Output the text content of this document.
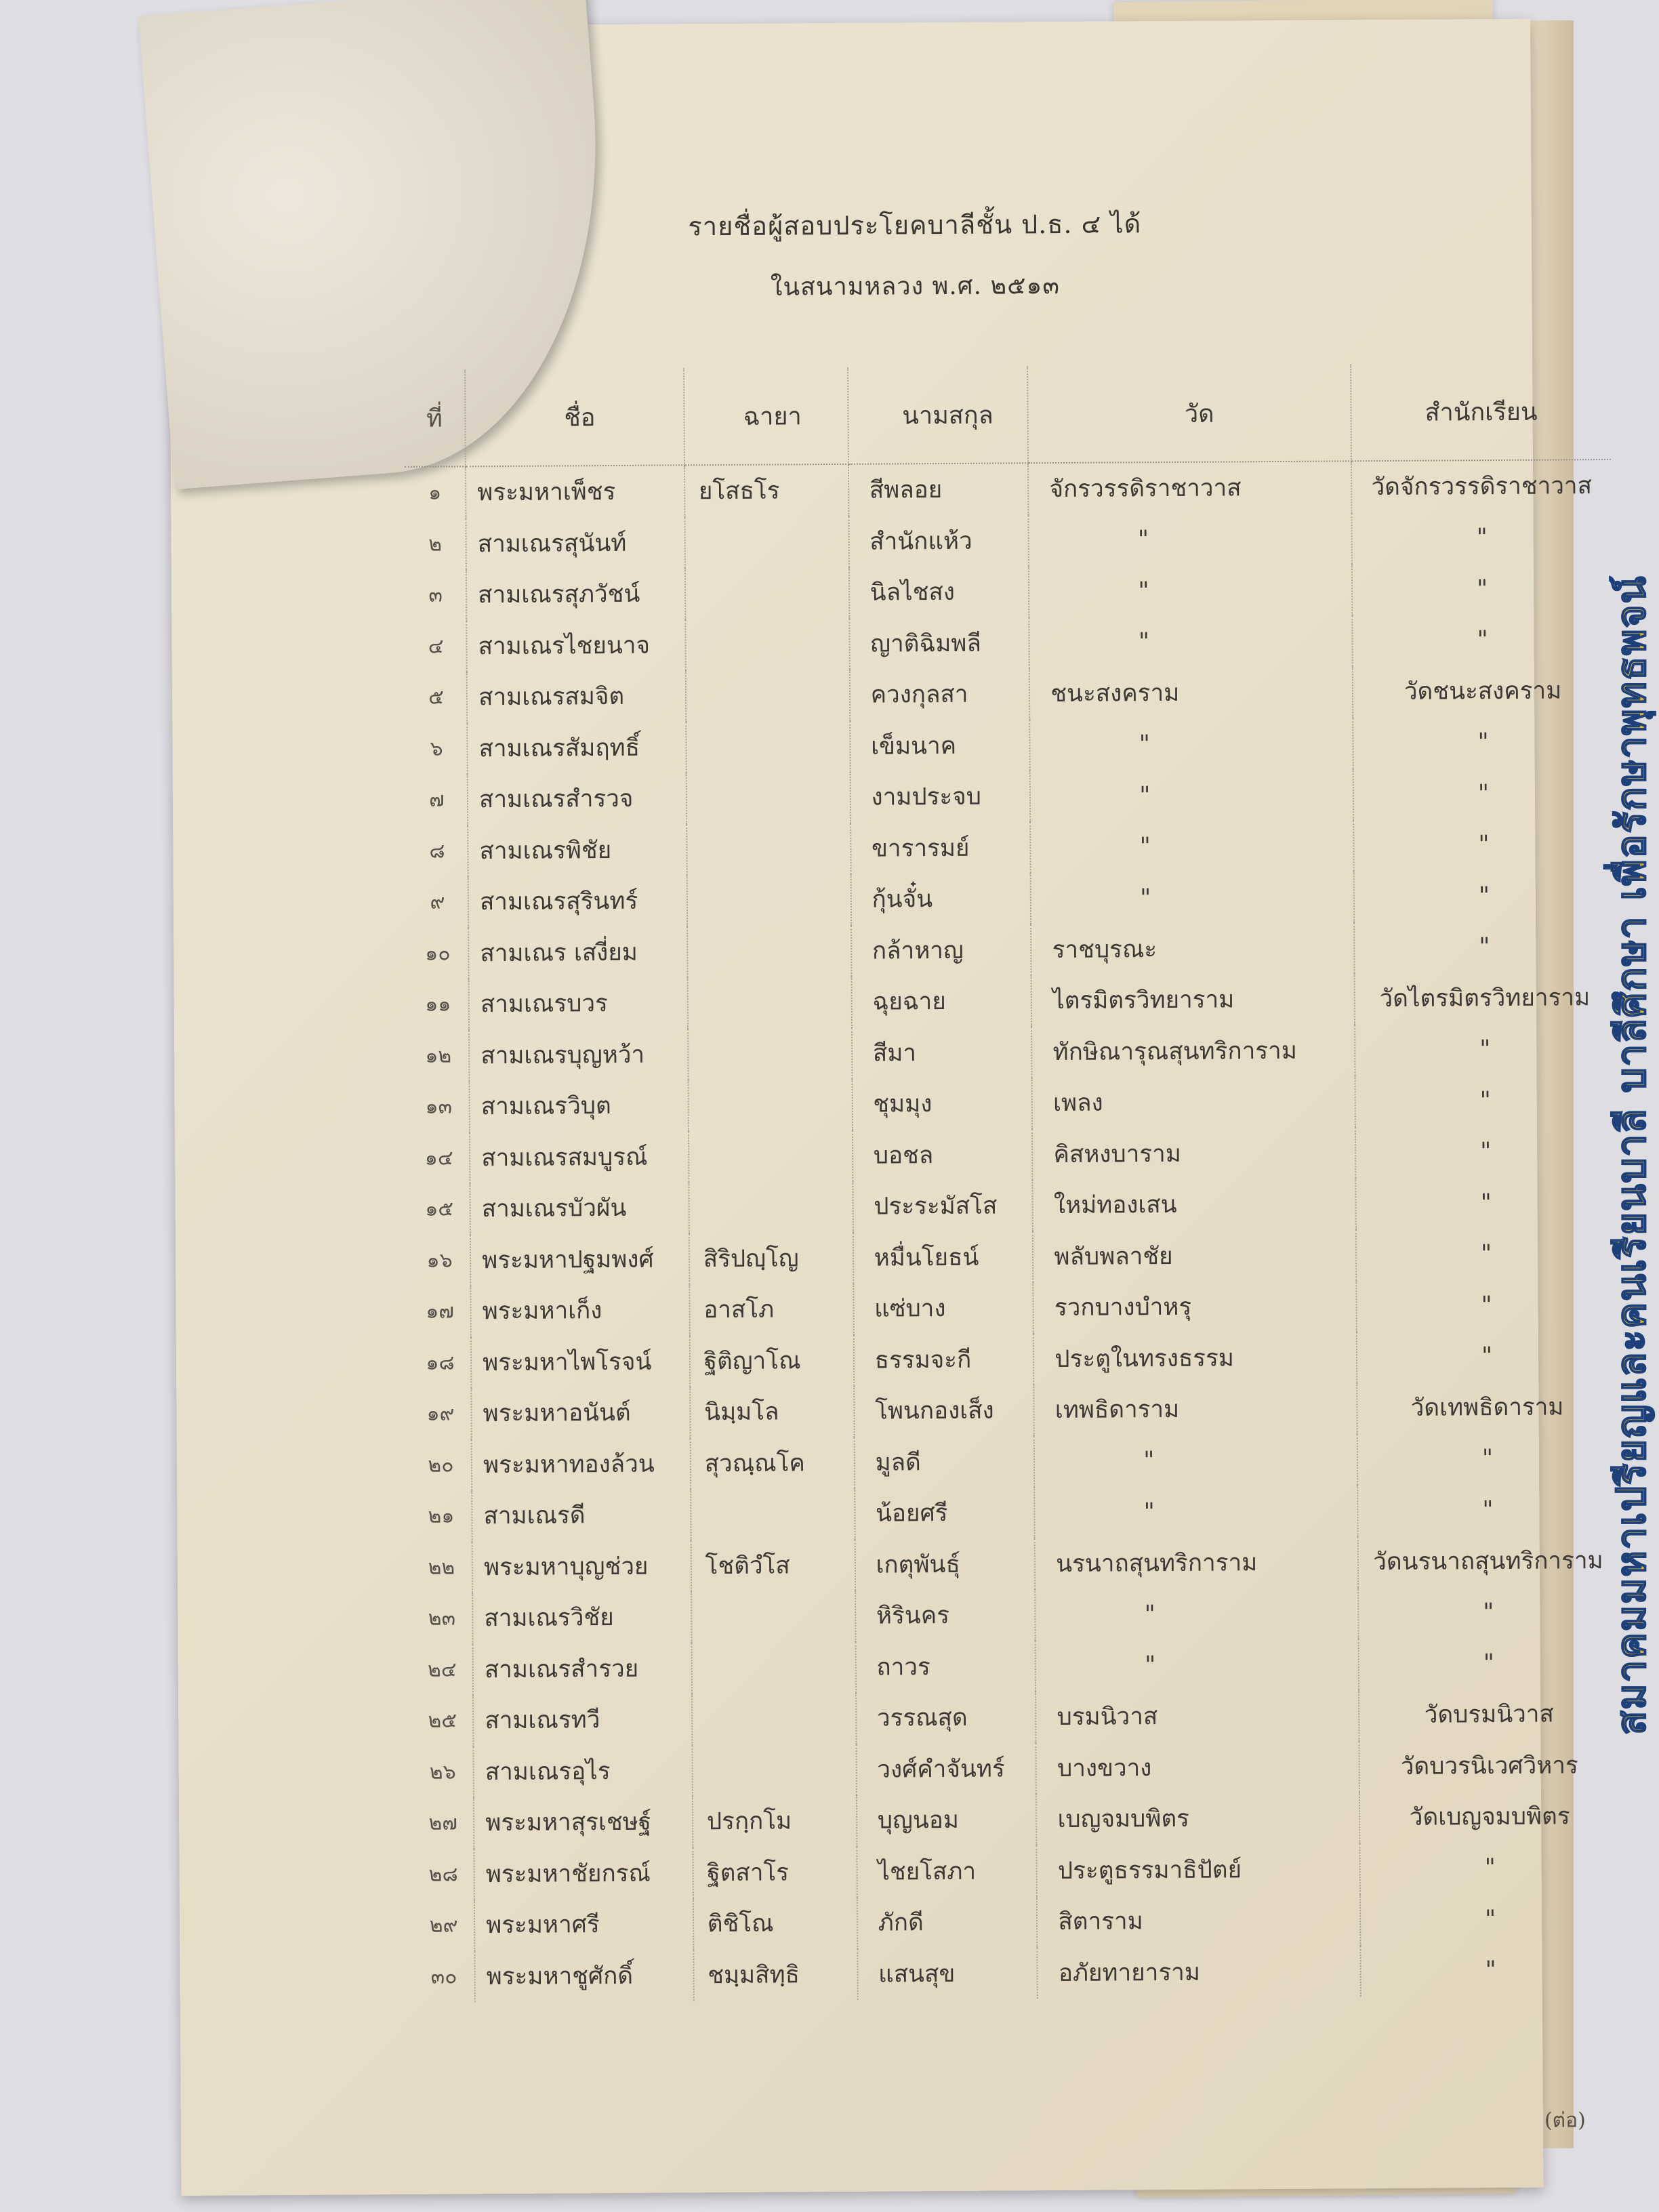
รายชื่อผู้สอบประโยคบาลีชั้น ป.ธ. ๔ ได้
ในสนามหลวง พ.ศ. ๒๕๑๓
ที่	ชื่อ	ฉายา	นามสกุล	วัด	สำนักเรียน
๑	พระมหาเพ็ชร	ยโสธโร	สีพลอย	จักรวรรดิราชาวาส	วัดจักรวรรดิราชาวาส
๒	สามเณรสุนันท์		สำนักแห้ว	"	"
๓	สามเณรสุภวัชน์		นิลไชสง	"	"
๔	สามเณรไชยนาจ		ญาติฉิมพลี	"	"
๕	สามเณรสมจิต		ควงกุลสา	ชนะสงคราม	วัดชนะสงคราม
๖	สามเณรสัมฤทธิ์		เข็มนาค	"	"
๗	สามเณรสำรวจ		งามประจบ	"	"
๘	สามเณรพิชัย		ขารารมย์	"	"
๙	สามเณรสุรินทร์		กุ้นจั๋น	"	"
๑๐	สามเณร เสงี่ยม		กล้าหาญ	ราชบุรณะ	"
๑๑	สามเณรบวร		ฉุยฉาย	ไตรมิตรวิทยาราม	วัดไตรมิตรวิทยาราม
๑๒	สามเณรบุญหว้า		สีมา	ทักษิณารุณสุนทริการาม	"
๑๓	สามเณรวิบุต		ชุมมุง	เพลง	"
๑๔	สามเณรสมบูรณ์		บอชล	คิสหงบาราม	"
๑๕	สามเณรบัวผัน		ประระมัสโส	ใหม่ทองเสน	"
๑๖	พระมหาปฐมพงศ์	สิริปญฺโญ	หมื่นโยธน์	พลับพลาชัย	"
๑๗	พระมหาเก็ง	อาสโภ	แซ่บาง	รวกบางบำหรุ	"
๑๘	พระมหาไพโรจน์	ฐิติญาโณ	ธรรมจะกี	ประตูในทรงธรรม	"
๑๙	พระมหาอนันต์	นิมฺมโล	โพนกองเส็ง	เทพธิดาราม	วัดเทพธิดาราม
๒๐	พระมหาทองล้วน	สุวณฺณโค	มูลดี	"	"
๒๑	สามเณรดี		น้อยศรี	"	"
๒๒	พระมหาบุญช่วย	โชติวํโส	เกตุพันธุ์	นรนาถสุนทริการาม	วัดนรนาถสุนทริการาม
๒๓	สามเณรวิชัย		หิรินคร	"	"
๒๔	สามเณรสำรวย		ถาวร	"	"
๒๕	สามเณรทวี		วรรณสุด	บรมนิวาส	วัดบรมนิวาส
๒๖	สามเณรอุไร		วงศ์คำจันทร์	บางขวาง	วัดบวรนิเวศวิหาร
๒๗	พระมหาสุรเชษฐ์	ปรกฺกโม	บุญนอม	เบญจมบพิตร	วัดเบญจมบพิตร
๒๘	พระมหาชัยกรณ์	ฐิตสาโร	ไชยโสภา	ประตูธรรมาธิปัตย์	"
๒๙	พระมหาศรี	ติชิโณ	ภักดี	สิตาราม	"
๓๐	พระมหาชูศักดิ์	ชมฺมสิทฺธิ	แสนสุข	อภัยทายาราม	"
(ต่อ)
สมาคมมหาเปรียญและคนเรียนบาลี บาลีศึกษา เพื่อรักษาพุทธพจน์
